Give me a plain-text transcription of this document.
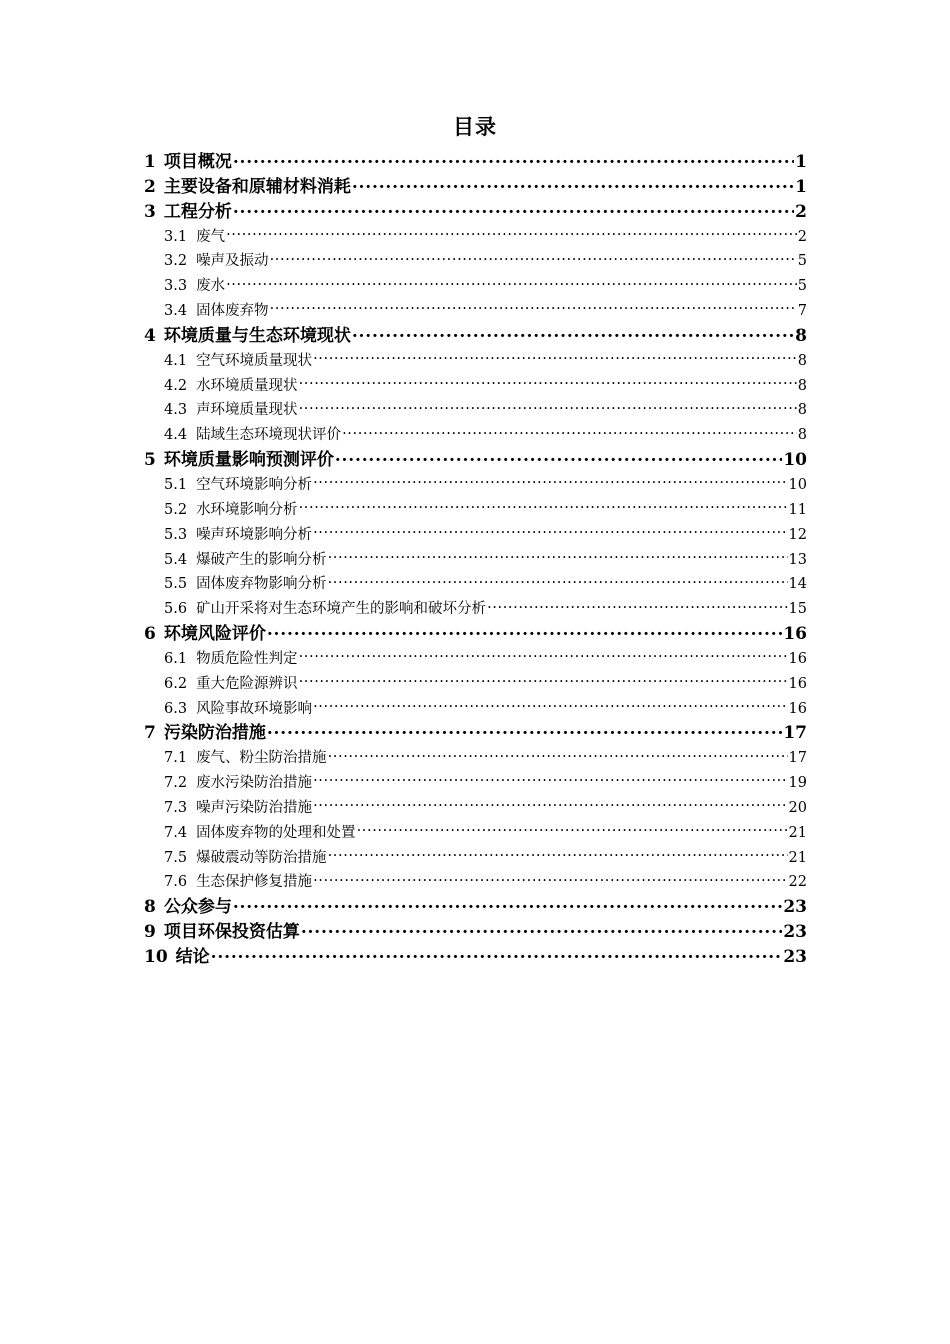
目录
1 项目概况 .....	1
2 主要设备和原辅材料消耗 .....	1
3 工程分析 .....	2
3.1 废气 .....	2
3.2 噪声及振动 .....	5
3.3 废水 .....	5
3.4 固体废弃物 .....	7
4 环境质量与生态环境现状 .....	8
4.1 空气环境质量现状 .....	8
4.2 水环境质量现状 .....	8
4.3 声环境质量现状 .....	8
4.4 陆域生态环境现状评价 .....	8
5 环境质量影响预测评价 .....	10
5.1 空气环境影响分析 .....	10
5.2 水环境影响分析 .....	11
5.3 噪声环境影响分析 .....	12
5.4 爆破产生的影响分析 .....	13
5.5 固体废弃物影响分析 .....	14
5.6 矿山开采将对生态环境产生的影响和破坏分析 .....	15
6 环境风险评价 .....	16
6.1 物质危险性判定 .....	16
6.2 重大危险源辨识 .....	16
6.3 风险事故环境影响 .....	16
7 污染防治措施 .....	17
7.1 废气、粉尘防治措施 .....	17
7.2 废水污染防治措施 .....	19
7.3 噪声污染防治措施 .....	20
7.4 固体废弃物的处理和处置 .....	21
7.5 爆破震动等防治措施 .....	21
7.6 生态保护修复措施 .....	22
8 公众参与 .....	23
9 项目环保投资估算 .....	23
10 结论 .....	23
